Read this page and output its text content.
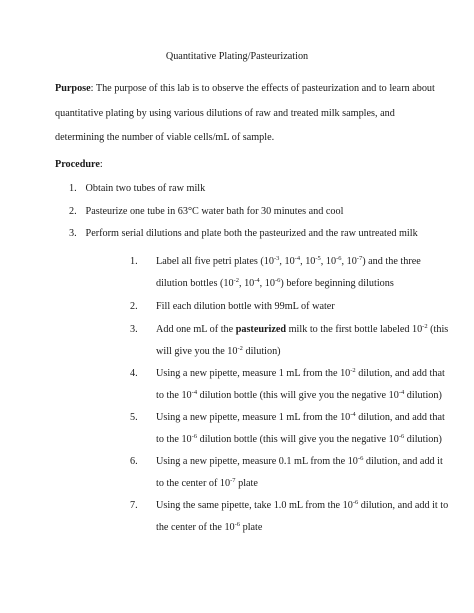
Quantitative Plating/Pasteurization
Purpose: The purpose of this lab is to observe the effects of pasteurization and to learn about quantitative plating by using various dilutions of raw and treated milk samples, and determining the number of viable cells/mL of sample.
Procedure:
1. Obtain two tubes of raw milk
2. Pasteurize one tube in 63°C water bath for 30 minutes and cool
3. Perform serial dilutions and plate both the pasteurized and the raw untreated milk
1. Label all five petri plates ($10^{-3}$, $10^{-4}$, $10^{-5}$, $10^{-6}$, $10^{-7}$) and the three dilution bottles ($10^{-2}$, $10^{-4}$, $10^{-6}$) before beginning dilutions
2. Fill each dilution bottle with 99mL of water
3. Add one mL of the pasteurized milk to the first bottle labeled $10^{-2}$ (this will give you the $10^{-2}$ dilution)
4. Using a new pipette, measure 1 mL from the $10^{-2}$ dilution, and add that to the $10^{-4}$ dilution bottle (this will give you the negative $10^{-4}$ dilution)
5. Using a new pipette, measure 1 mL from the $10^{-4}$ dilution, and add that to the $10^{-6}$ dilution bottle (this will give you the negative $10^{-6}$ dilution)
6. Using a new pipette, measure 0.1 mL from the $10^{-6}$ dilution, and add it to the center of $10^{-7}$ plate
7. Using the same pipette, take 1.0 mL from the $10^{-6}$ dilution, and add it to the center of the $10^{-6}$ plate
